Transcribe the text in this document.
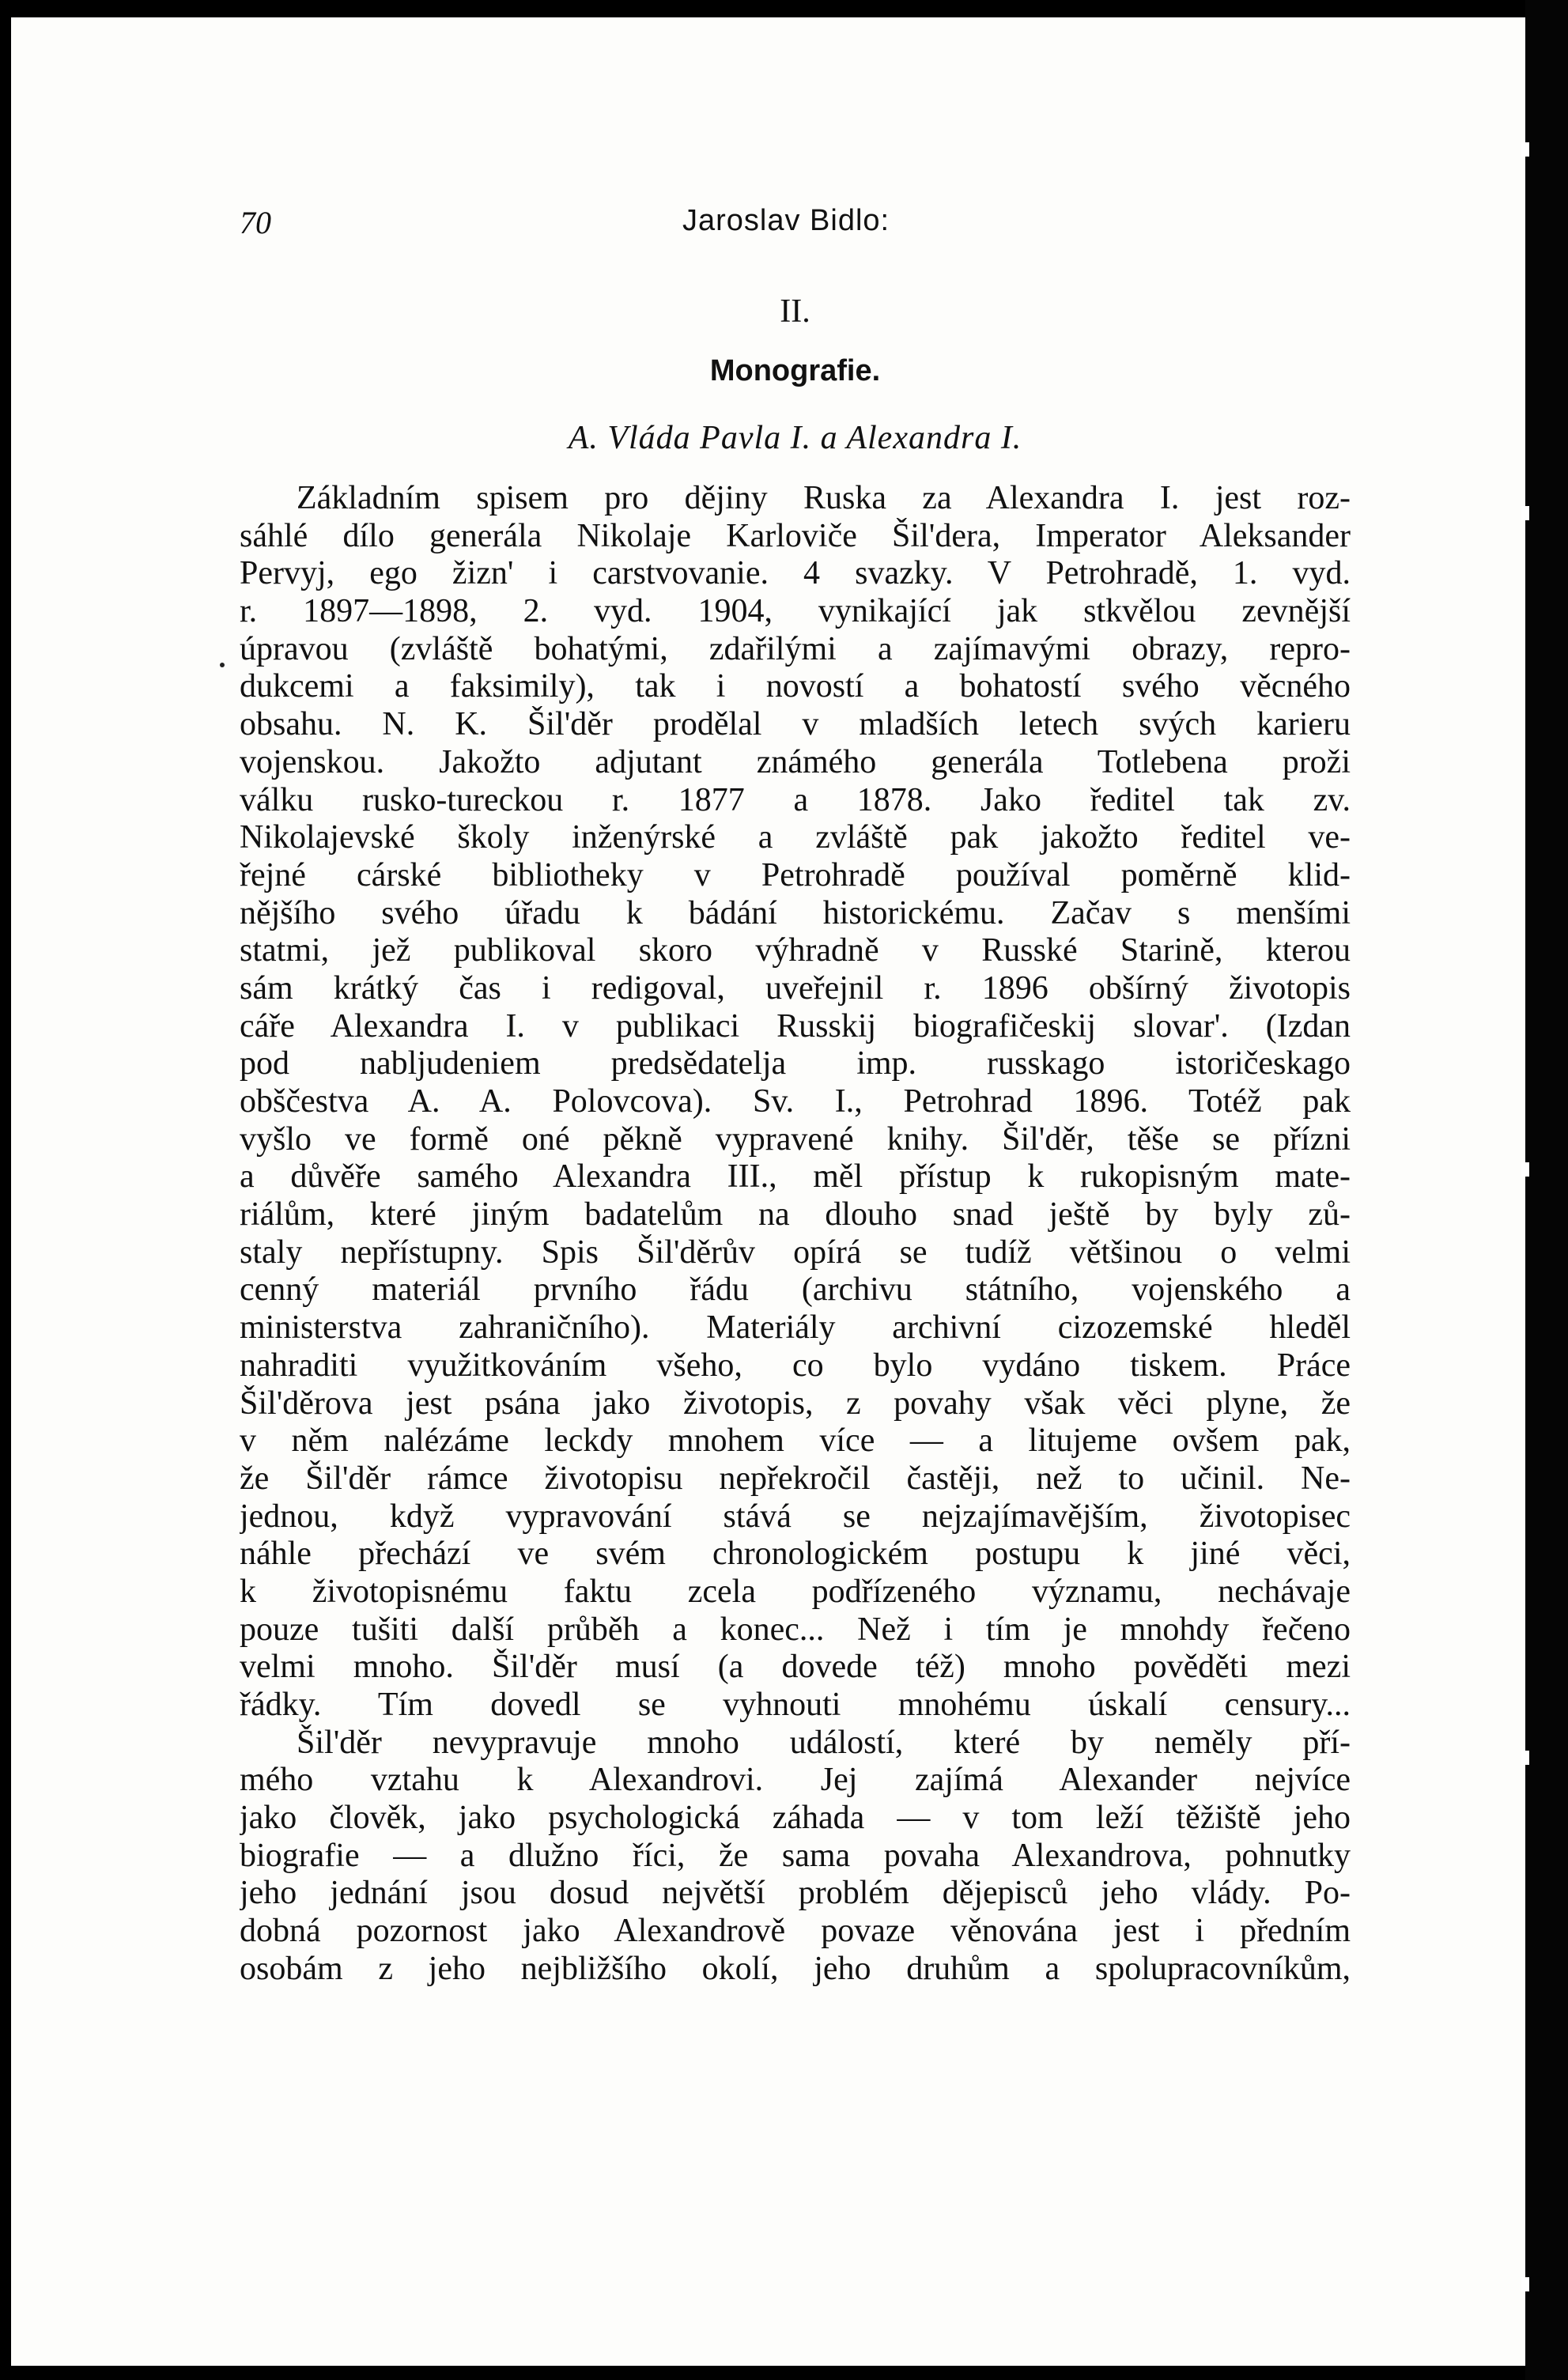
70	Jaroslav Bidlo:
II.
Monografie.
A. Vláda Pavla I. a Alexandra I.
Základním spisem pro dějiny Ruska za Alexandra I. jest roz-
sáhlé dílo generála Nikolaje Karloviče Šil'dera, Imperator Aleksander
Pervyj, ego žizn' i carstvovanie. 4 svazky. V Petrohradě, 1. vyd.
r. 1897—1898, 2. vyd. 1904, vynikající jak stkvělou zevnější
úpravou (zvláště bohatými, zdařilými a zajímavými obrazy, repro-
dukcemi a faksimily), tak i novostí a bohatostí svého věcného
obsahu. N. K. Šil'děr prodělal v mladších letech svých karieru
vojenskou. Jakožto adjutant známého generála Totlebena proži
válku rusko-tureckou r. 1877 a 1878. Jako ředitel tak zv.
Nikolajevské školy inženýrské a zvláště pak jakožto ředitel ve-
řejné cárské bibliotheky v Petrohradě používal poměrně klid-
nějšího svého úřadu k bádání historickému. Začav s menšími
statmi, jež publikoval skoro výhradně v Russké Starině, kterou
sám krátký čas i redigoval, uveřejnil r. 1896 obšírný životopis
cáře Alexandra I. v publikaci Russkij biografičeskij slovar'. (Izdan
pod nabljudeniem predsědatelja imp. russkago istoričeskago
obščestva A. A. Polovcova). Sv. I., Petrohrad 1896. Totéž pak
vyšlo ve formě oné pěkně vypravené knihy. Šil'děr, těše se přízni
a důvěře samého Alexandra III., měl přístup k rukopisným mate-
riálům, které jiným badatelům na dlouho snad ještě by byly zů-
staly nepřístupny. Spis Šil'děrův opírá se tudíž většinou o velmi
cenný materiál prvního řádu (archivu státního, vojenského a
ministerstva zahraničního). Materiály archivní cizozemské hleděl
nahraditi využitkováním všeho, co bylo vydáno tiskem. Práce
Šil'děrova jest psána jako životopis, z povahy však věci plyne, že
v něm nalézáme leckdy mnohem více — a litujeme ovšem pak,
že Šil'děr rámce životopisu nepřekročil častěji, než to učinil. Ne-
jednou, když vypravování stává se nejzajímavějším, životopisec
náhle přechází ve svém chronologickém postupu k jiné věci,
k životopisnému faktu zcela podřízeného významu, nechávaje
pouze tušiti další průběh a konec... Než i tím je mnohdy řečeno
velmi mnoho. Šil'děr musí (a dovede též) mnoho pověděti mezi
řádky. Tím dovedl se vyhnouti mnohému úskalí censury...
Šil'děr nevypravuje mnoho událostí, které by neměly pří-
mého vztahu k Alexandrovi. Jej zajímá Alexander nejvíce
jako člověk, jako psychologická záhada — v tom leží těžiště jeho
biografie — a dlužno říci, že sama povaha Alexandrova, pohnutky
jeho jednání jsou dosud největší problém dějepisců jeho vlády. Po-
dobná pozornost jako Alexandrově povaze věnována jest i předním
osobám z jeho nejbližšího okolí, jeho druhům a spolupracovníkům,
